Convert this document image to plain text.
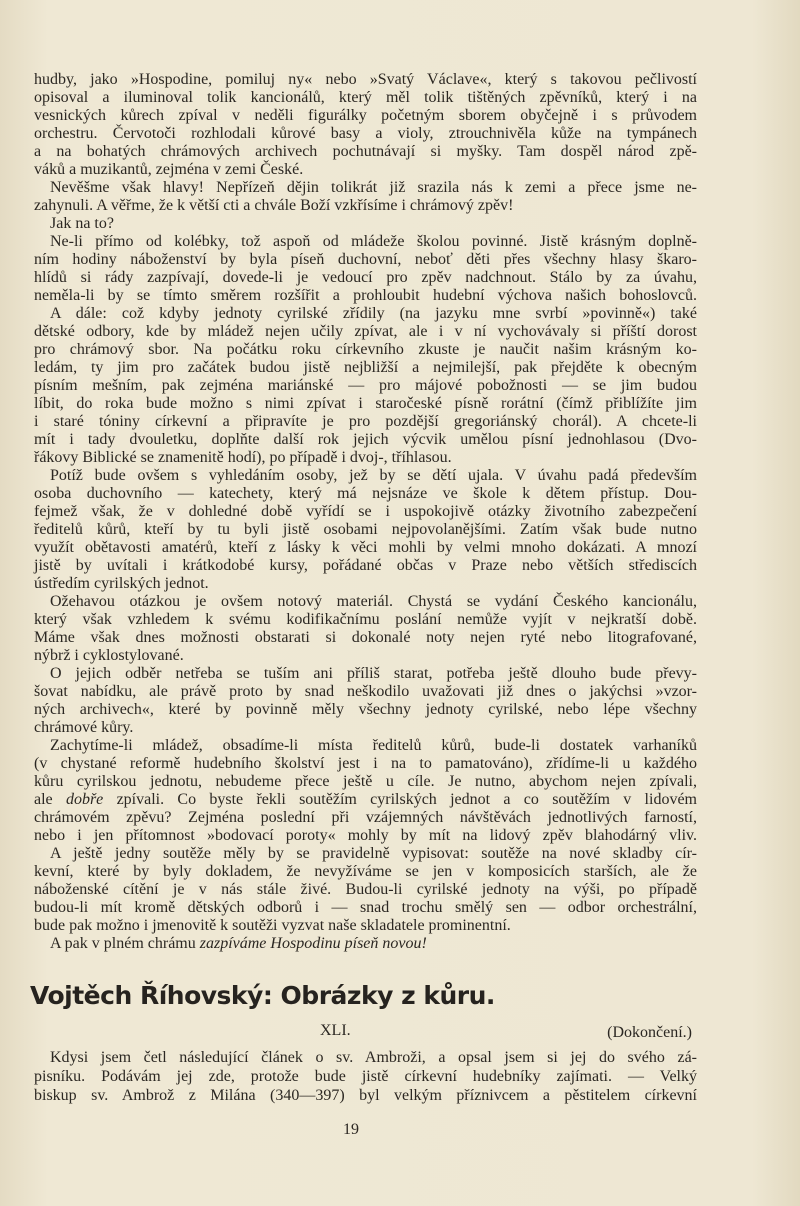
hudby, jako »Hospodine, pomiluj ny« nebo »Svatý Václave«, který s takovou pečlivostí
opisoval a iluminoval tolik kancionálů, který měl tolik tištěných zpěvníků, který i na
vesnických kůrech zpíval v neděli figurálky početným sborem obyčejně i s průvodem
orchestru. Červotoči rozhlodali kůrové basy a violy, ztrouchnivěla kůže na tympánech
a na bohatých chrámových archivech pochutnávají si myšky. Tam dospěl národ zpě-
váků a muzikantů, zejména v zemi České.
Nevěšme však hlavy! Nepřízeň dějin tolikrát již srazila nás k zemi a přece jsme ne-
zahynuli. A věřme, že k větší cti a chvále Boží vzkřísíme i chrámový zpěv!
Jak na to?
Ne-li přímo od kolébky, tož aspoň od mládeže školou povinné. Jistě krásným doplně-
ním hodiny náboženství by byla píseň duchovní, neboť děti přes všechny hlasy škaro-
hlídů si rády zazpívají, dovede-li je vedoucí pro zpěv nadchnout. Stálo by za úvahu,
neměla-li by se tímto směrem rozšířit a prohloubit hudební výchova našich bohoslovců.
A dále: což kdyby jednoty cyrilské zřídily (na jazyku mne svrbí »povinně«) také
dětské odbory, kde by mládež nejen učily zpívat, ale i v ní vychovávaly si příští dorost
pro chrámový sbor. Na počátku roku církevního zkuste je naučit našim krásným ko-
ledám, ty jim pro začátek budou jistě nejbližší a nejmilejší, pak přejděte k obecným
písním mešním, pak zejména mariánské — pro májové pobožnosti — se jim budou
líbit, do roka bude možno s nimi zpívat i staročeské písně rorátní (čímž přiblížíte jim
i staré tóniny církevní a připravíte je pro pozdější gregoriánský chorál). A chcete-li
mít i tady dvouletku, doplňte další rok jejich výcvik umělou písní jednohlasou (Dvo-
řákovy Biblické se znamenitě hodí), po případě i dvoj-, tříhlasou.
Potíž bude ovšem s vyhledáním osoby, jež by se dětí ujala. V úvahu padá především
osoba duchovního — katechety, který má nejsnáze ve škole k dětem přístup. Dou-
fejmež však, že v dohledné době vyřídí se i uspokojivě otázky životního zabezpečení
ředitelů kůrů, kteří by tu byli jistě osobami nejpovolanějšími. Zatím však bude nutno
využít obětavosti amatérů, kteří z lásky k věci mohli by velmi mnoho dokázati. A mnozí
jistě by uvítali i krátkodobé kursy, pořádané občas v Praze nebo větších střediscích
ústředím cyrilských jednot.
Ožehavou otázkou je ovšem notový materiál. Chystá se vydání Českého kancionálu,
který však vzhledem k svému kodifikačnímu poslání nemůže vyjít v nejkratší době.
Máme však dnes možnosti obstarati si dokonalé noty nejen ryté nebo litografované,
nýbrž i cyklostylované.
O jejich odběr netřeba se tuším ani příliš starat, potřeba ještě dlouho bude převy-
šovat nabídku, ale právě proto by snad neškodilo uvažovati již dnes o jakýchsi »vzor-
ných archivech«, které by povinně měly všechny jednoty cyrilské, nebo lépe všechny
chrámové kůry.
Zachytíme-li mládež, obsadíme-li místa ředitelů kůrů, bude-li dostatek varhaníků
(v chystané reformě hudebního školství jest i na to pamatováno), zřídíme-li u každého
kůru cyrilskou jednotu, nebudeme přece ještě u cíle. Je nutno, abychom nejen zpívali,
ale dobře zpívali. Co byste řekli soutěžím cyrilských jednot a co soutěžím v lidovém
chrámovém zpěvu? Zejména poslední při vzájemných návštěvách jednotlivých farností,
nebo i jen přítomnost »bodovací poroty« mohly by mít na lidový zpěv blahodárný vliv.
A ještě jedny soutěže měly by se pravidelně vypisovat: soutěže na nové skladby cír-
kevní, které by byly dokladem, že nevyžíváme se jen v komposicích starších, ale že
náboženské cítění je v nás stále živé. Budou-li cyrilské jednoty na výši, po případě
budou-li mít kromě dětských odborů i — snad trochu smělý sen — odbor orchestrální,
bude pak možno i jmenovitě k soutěži vyzvat naše skladatele prominentní.
A pak v plném chrámu zazpíváme Hospodinu píseň novou!
Vojtěch Říhovský: Obrázky z kůru.
XLI.	(Dokončení.)
Kdysi jsem četl následující článek o sv. Ambroži, a opsal jsem si jej do svého zá-
pisníku. Podávám jej zde, protože bude jistě církevní hudebníky zajímati. — Velký
biskup sv. Ambrož z Milána (340—397) byl velkým příznivcem a pěstitelem církevní
19
